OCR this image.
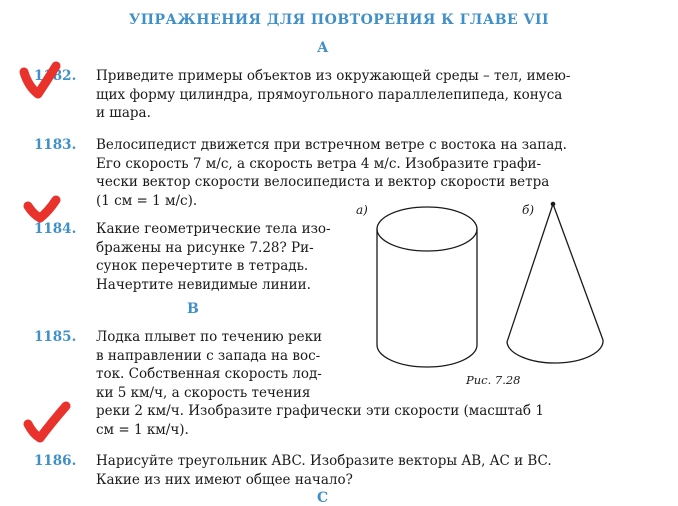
УПРАЖНЕНИЯ ДЛЯ ПОВТОРЕНИЯ К ГЛАВЕ VII
А
1182. Приведите примеры объектов из окружающей среды – тел, имею-
щих форму цилиндра, прямоугольного параллелепипеда, конуса
и шара.
1183. Велосипедист движется при встречном ветре с востока на запад.
Его скорость 7 м/с, а скорость ветра 4 м/с. Изобразите графи-
чески вектор скорости велосипедиста и вектор скорости ветра
(1 см = 1 м/с).
1184. Какие геометрические тела изо-
бражены на рисунке 7.28? Ри-
сунок перечертите в тетрадь.
Начертите невидимые линии.
В
1185. Лодка плывет по течению реки
в направлении с запада на вос-
ток. Собственная скорость лод-
ки 5 км/ч, а скорость течения
реки 2 км/ч. Изобразите графически эти скорости (масштаб 1
см = 1 км/ч).
1186. Нарисуйте треугольник ABC. Изобразите векторы AB, AC и BC.
Какие из них имеют общее начало?
С
а)	б)
Рис. 7.28
